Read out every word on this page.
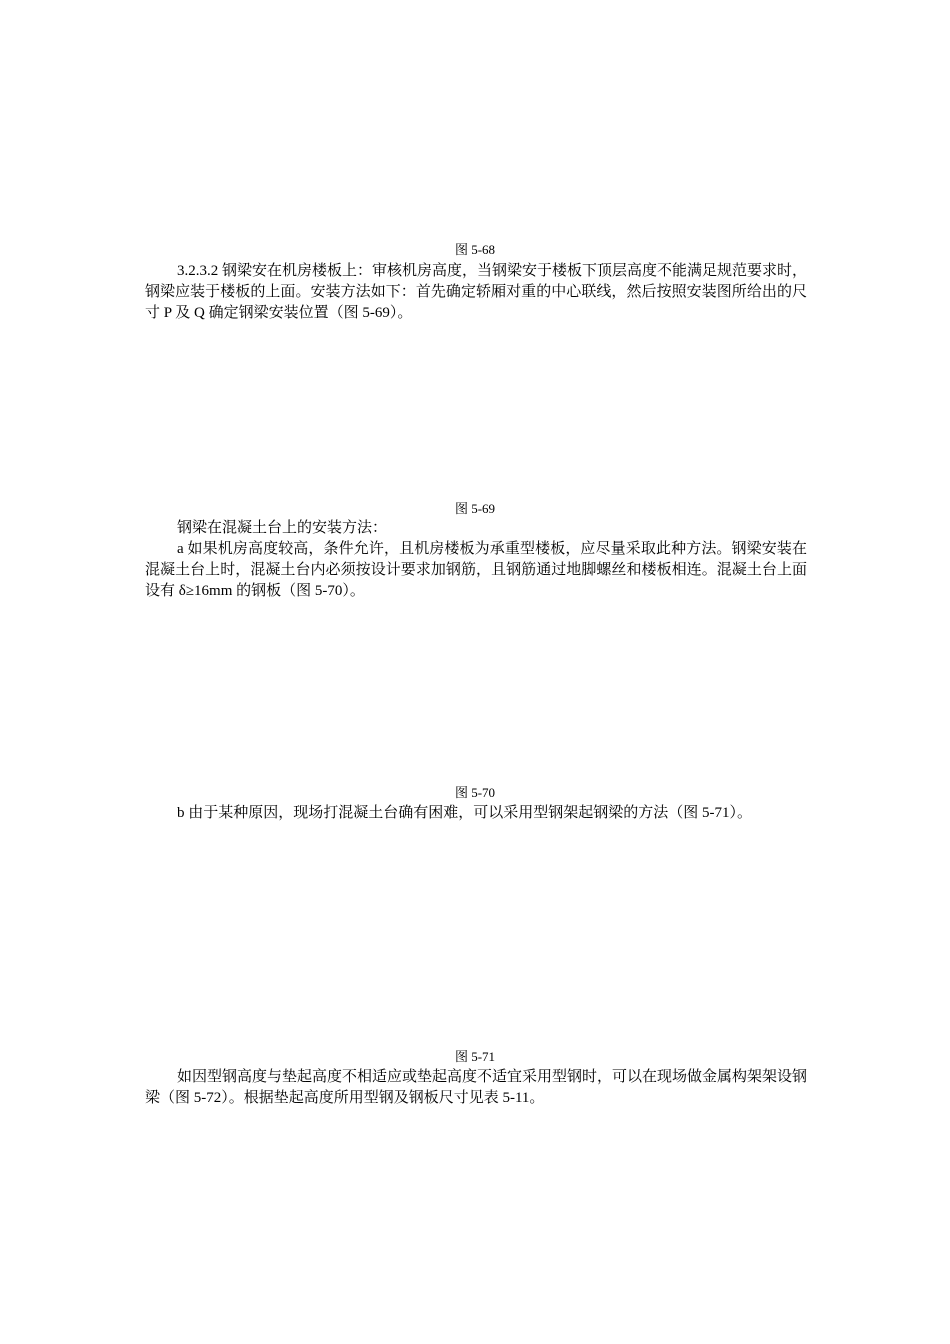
图 5-68

3.2.3.2 钢梁安在机房楼板上：审核机房高度，当钢梁安于楼板下顶层高度不能满足规范要求时，钢梁应装于楼板的上面。安装方法如下：首先确定轿厢对重的中心联线，然后按照安装图所给出的尺寸 P 及 Q 确定钢梁安装位置（图 5-69）。

图 5-69

钢梁在混凝土台上的安装方法：

a 如果机房高度较高，条件允许，且机房楼板为承重型楼板，应尽量采取此种方法。钢梁安装在混凝土台上时，混凝土台内必须按设计要求加钢筋，且钢筋通过地脚螺丝和楼板相连。混凝土台上面设有 δ≥16mm 的钢板（图 5-70）。

图 5-70

b 由于某种原因，现场打混凝土台确有困难，可以采用型钢架起钢梁的方法（图 5-71）。

图 5-71

如因型钢高度与垫起高度不相适应或垫起高度不适宜采用型钢时，可以在现场做金属构架架设钢梁（图 5-72）。根据垫起高度所用型钢及钢板尺寸见表 5-11。
